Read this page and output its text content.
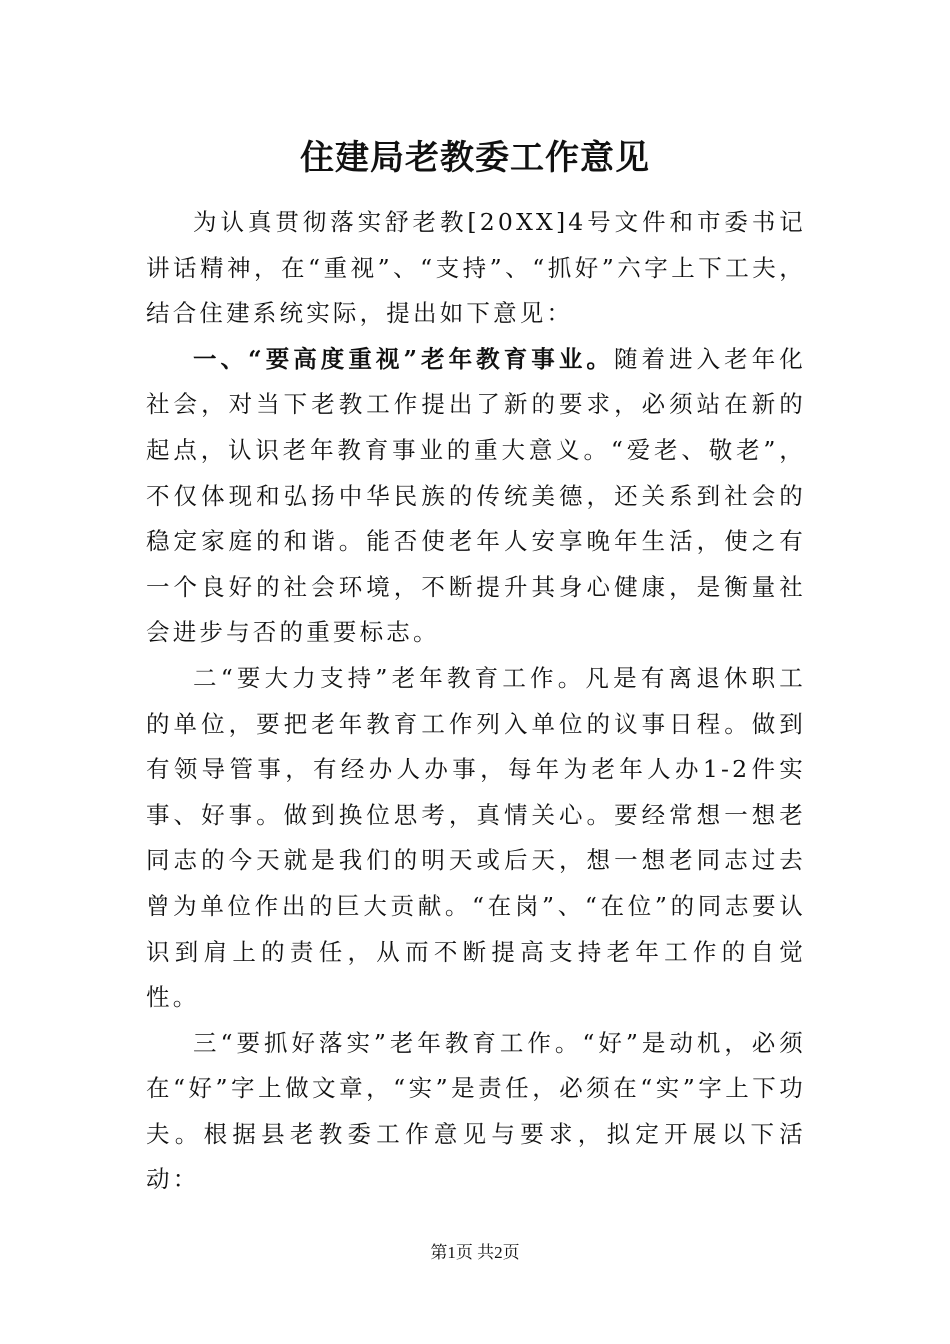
住建局老教委工作意见

为认真贯彻落实舒老教[20XX]4号文件和市委书记讲话精神，在“重视”、“支持”、“抓好”六字上下工夫，结合住建系统实际，提出如下意见：

一、“要高度重视”老年教育事业。随着进入老年化社会，对当下老教工作提出了新的要求，必须站在新的起点，认识老年教育事业的重大意义。“爱老、敬老”，不仅体现和弘扬中华民族的传统美德，还关系到社会的稳定家庭的和谐。能否使老年人安享晚年生活，使之有一个良好的社会环境，不断提升其身心健康，是衡量社会进步与否的重要标志。

二“要大力支持”老年教育工作。凡是有离退休职工的单位，要把老年教育工作列入单位的议事日程。做到有领导管事，有经办人办事，每年为老年人办1-2件实事、好事。做到换位思考，真情关心。要经常想一想老同志的今天就是我们的明天或后天，想一想老同志过去曾为单位作出的巨大贡献。“在岗”、“在位”的同志要认识到肩上的责任，从而不断提高支持老年工作的自觉性。

三“要抓好落实”老年教育工作。“好”是动机，必须在“好”字上做文章，“实”是责任，必须在“实”字上下功夫。根据县老教委工作意见与要求，拟定开展以下活动：

第1页 共2页
